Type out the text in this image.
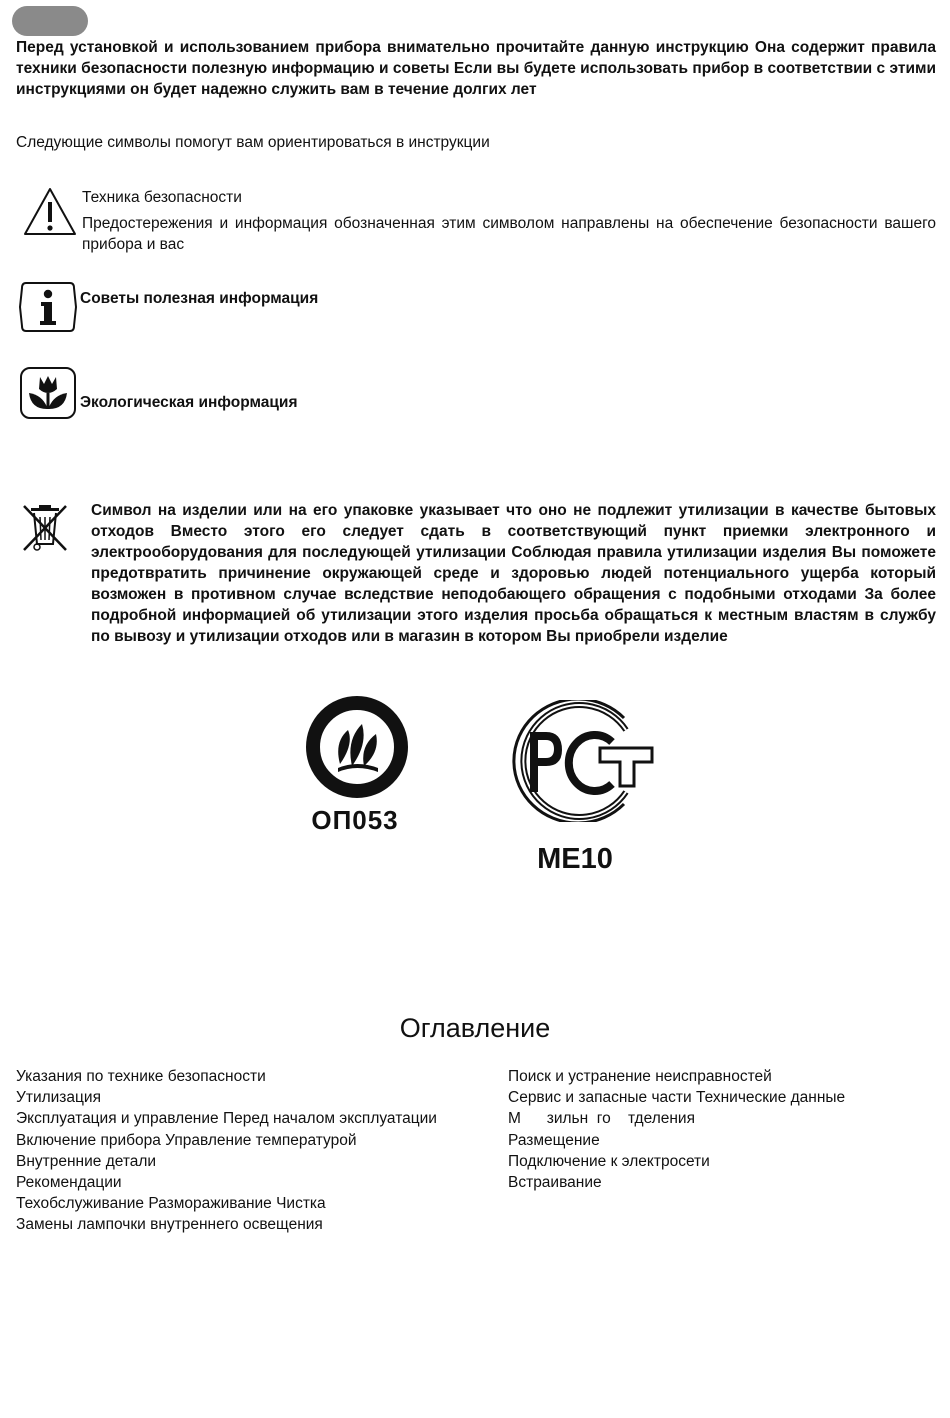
Перед установкой и использованием прибора внимательно прочитайте данную инструкцию Она содержит правила техники безопасности полезную информацию и советы Если вы будете использовать прибор в соответствии с этими инструкциями он будет надежно служить вам в течение долгих лет
Следующие символы помогут вам ориентироваться в инструкции
Техника безопасности
Предостережения и информация обозначенная этим символом направлены на обеспечение безопасности вашего прибора и вас
Советы полезная информация
Экологическая информация
Символ на изделии или на его упаковке указывает что оно не подлежит утилизации в качестве бытовых отходов Вместо этого его следует сдать в соответствующий пункт приемки электронного и электрооборудования для последующей утилизации Соблюдая правила утилизации изделия Вы поможете предотвратить причинение окружающей среде и здоровью людей потенциального ущерба который возможен в противном случае вследствие неподобающего обращения с подобными отходами За более подробной информацией об утилизации этого изделия просьба обращаться к местным властям в службу по вывозу и утилизации отходов или в магазин в котором Вы приобрели изделие
ОП053
ME10
Оглавление
Указания по технике безопасности
Утилизация
Эксплуатация и управление Перед началом эксплуатации Включение прибора Управление температурой
Внутренние детали
Рекомендации
Техобслуживание Размораживание Чистка
Замены лампочки внутреннего освещения
Поиск и устранение неисправностей
Сервис и запасные части Технические данные
М      зильн  го    тделения
Размещение
Подключение к электросети
Встраивание
